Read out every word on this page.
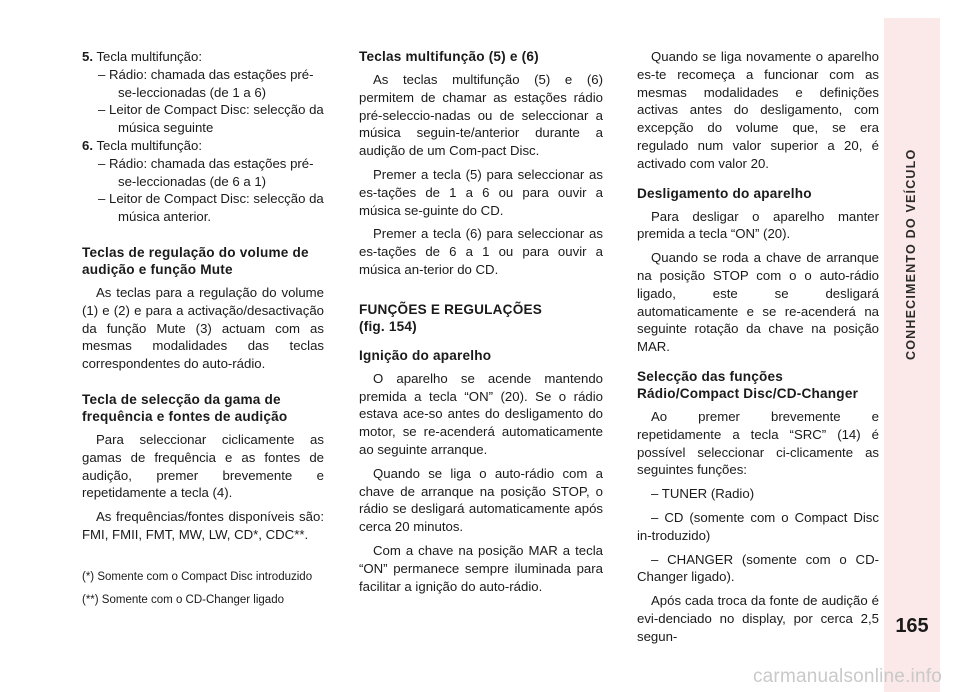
CONHECIMENTO DO VEÍCULO
165

5. Tecla multifunção:

– Rádio: chamada das estações pré-se-leccionadas (de 1 a 6)

– Leitor de Compact Disc: selecção da música seguinte

6. Tecla multifunção:

– Rádio: chamada das estações pré-se-leccionadas (de 6 a 1)

– Leitor de Compact Disc: selecção da música anterior.

Teclas de regulação do volume de audição e função Mute

As teclas para a regulação do volume (1) e (2) e para a activação/desactivação da função Mute (3) actuam com as mesmas modalidades das teclas correspondentes do auto-rádio.

Tecla de selecção da gama de frequência e fontes de audição

Para seleccionar ciclicamente as gamas de frequência e as fontes de audição, premer brevemente e repetidamente a tecla (4).

As frequências/fontes disponíveis são: FMI, FMII, FMT, MW, LW, CD*, CDC**.

(*) Somente com o Compact Disc introduzido

(**) Somente com o CD-Changer ligado

Teclas multifunção (5) e (6)

As teclas multifunção (5) e (6) permitem de chamar as estações rádio pré-seleccio-nadas ou de seleccionar a música seguin-te/anterior durante a audição de um Com-pact Disc.

Premer a tecla (5) para seleccionar as es-tações de 1 a 6 ou para ouvir a música se-guinte do CD.

Premer a tecla (6) para seleccionar as es-tações de 6 a 1 ou para ouvir a música an-terior do CD.

FUNÇÕES E REGULAÇÕES

(fig. 154)

Ignição do aparelho

O aparelho se acende mantendo premida a tecla “ON” (20). Se o rádio estava ace-so antes do desligamento do motor, se re-acenderá automaticamente ao seguinte arranque.

Quando se liga o auto-rádio com a chave de arranque na posição STOP, o rádio se desligará automaticamente após cerca 20 minutos.

Com a chave na posição MAR a tecla “ON” permanece sempre iluminada para facilitar a ignição do auto-rádio.

Quando se liga novamente o aparelho es-te recomeça a funcionar com as mesmas modalidades e definições activas antes do desligamento, com excepção do volume que, se era regulado num valor superior a 20, é activado com valor 20.

Desligamento do aparelho

Para desligar o aparelho manter premida a tecla “ON” (20).

Quando se roda a chave de arranque na posição STOP com o o auto-rádio ligado, este se desligará automaticamente e se re-acenderá na seguinte rotação da chave na posição MAR.

Selecção das funções Rádio/Compact Disc/CD-Changer

Ao premer brevemente e repetidamente a tecla “SRC” (14) é possível seleccionar ci-clicamente as seguintes funções:

– TUNER (Radio)

– CD (somente com o Compact Disc in-troduzido)

– CHANGER (somente com o CD-Changer ligado).

Após cada troca da fonte de audição é evi-denciado no display, por cerca 2,5 segun-

carmanualsonline.info
